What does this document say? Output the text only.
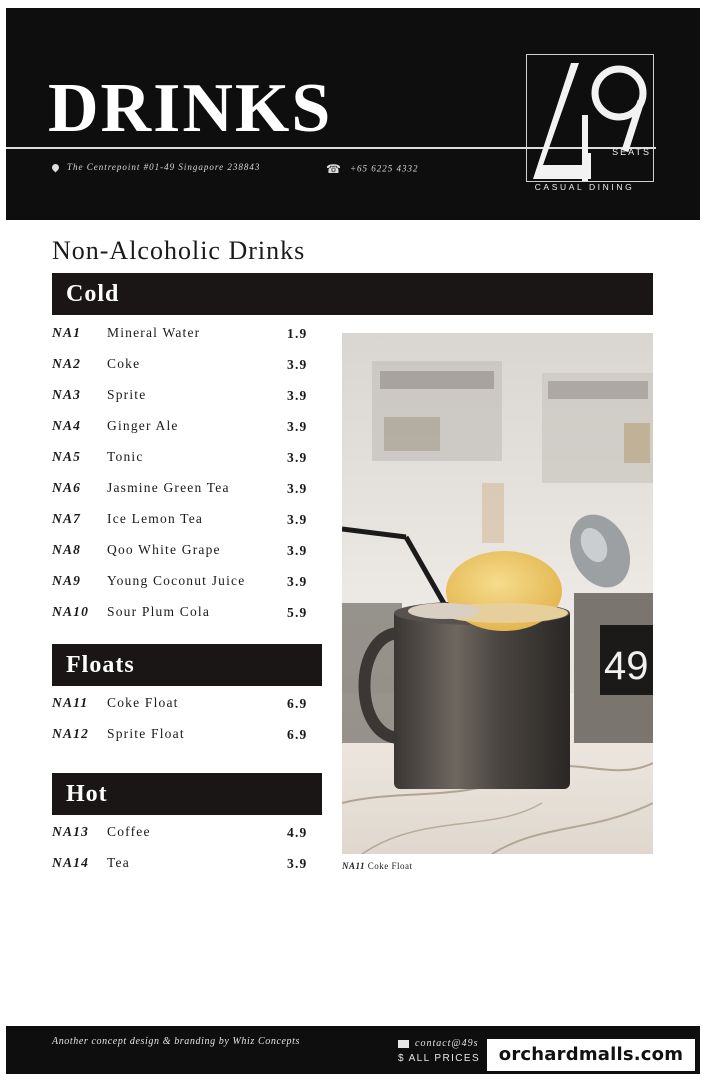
DRINKS
The Centrepoint #01-49 Singapore 238843	☎ +65 6225 4332
SEATS
CASUAL DINING
Non-Alcoholic Drinks
Cold
NA1 Mineral Water	1.9
NA2 Coke	3.9
NA3 Sprite	3.9
NA4 Ginger Ale	3.9
NA5 Tonic	3.9
NA6 Jasmine Green Tea	3.9
NA7 Ice Lemon Tea	3.9
NA8 Qoo White Grape	3.9
NA9 Young Coconut Juice	3.9
NA10 Sour Plum Cola	5.9
Floats
NA11 Coke Float	6.9
NA12 Sprite Float	6.9
Hot
NA13 Coffee	4.9
NA14 Tea	3.9
49
NA11 Coke Float
Another concept design & branding by Whiz Concepts	contact@49s
$ ALL PRICES	orchardmalls.com
